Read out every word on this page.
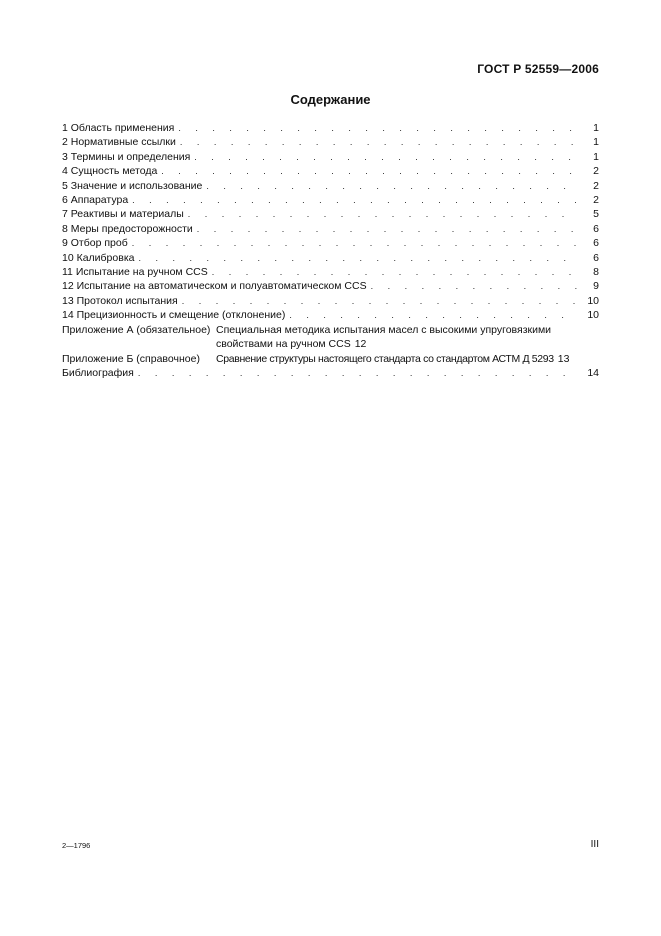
ГОСТ Р 52559—2006
Содержание
1 Область применения . . .	1
2 Нормативные ссылки . . .	1
3 Термины и определения . . .	1
4 Сущность метода . . .	2
5 Значение и использование . . .	2
6 Аппаратура . . .	2
7 Реактивы и материалы . . .	5
8 Меры предосторожности . . .	6
9 Отбор проб . . .	6
10 Калибровка . . .	6
11 Испытание на ручном CCS . . .	8
12 Испытание на автоматическом и полуавтоматическом CCS . . .	9
13 Протокол испытания . . .	10
14 Прецизионность и смещение (отклонение) . . .	10
Приложение А (обязательное) Специальная методика испытания масел с высокими упруговязкими
свойствами на ручном CCS 12
Приложение Б (справочное)	Сравнение структуры настоящего стандарта со стандартом АСТМ Д 5293 13
Библиография . . .	14
2—1796	III
